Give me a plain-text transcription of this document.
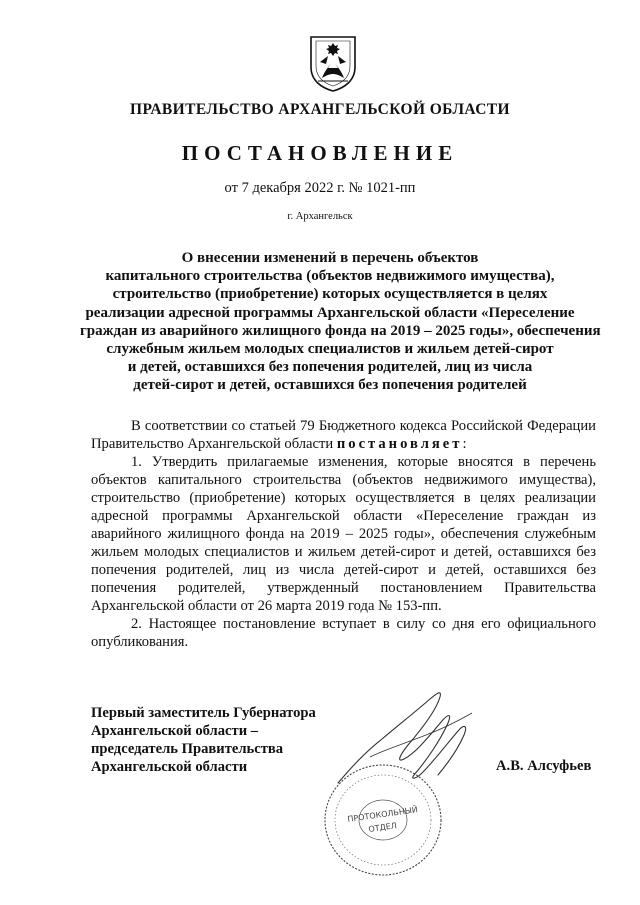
ПРАВИТЕЛЬСТВО АРХАНГЕЛЬСКОЙ ОБЛАСТИ
ПОСТАНОВЛЕНИЕ
от 7 декабря 2022 г. № 1021-пп
г. Архангельск
О внесении изменений в перечень объектов
капитального строительства (объектов недвижимого имущества),
строительство (приобретение) которых осуществляется в целях
реализации адресной программы Архангельской области «Переселение
граждан из аварийного жилищного фонда на 2019 – 2025 годы», обеспечения
служебным жильем молодых специалистов и жильем детей-сирот
и детей, оставшихся без попечения родителей, лиц из числа
детей-сирот и детей, оставшихся без попечения родителей

В соответствии со статьей 79 Бюджетного кодекса Российской Федерации Правительство Архангельской области постановляет:

1. Утвердить прилагаемые изменения, которые вносятся в перечень объектов капитального строительства (объектов недвижимого имущества), строительство (приобретение) которых осуществляется в целях реализации адресной программы Архангельской области «Переселение граждан из аварийного жилищного фонда на 2019 – 2025 годы», обеспечения служебным жильем молодых специалистов и жильем детей-сирот и детей, оставшихся без попечения родителей, лиц из числа детей-сирот и детей, оставшихся без попечения родителей, утвержденный постановлением Правительства Архангельской области от 26 марта 2019 года № 153-пп.

2. Настоящее постановление вступает в силу со дня его официального опубликования.

Первый заместитель Губернатора
Архангельской области –
председатель Правительства
Архангельской области	А.В. Алсуфьев
ПРОТОКОЛЬНЫЙ
ОТДЕЛ
